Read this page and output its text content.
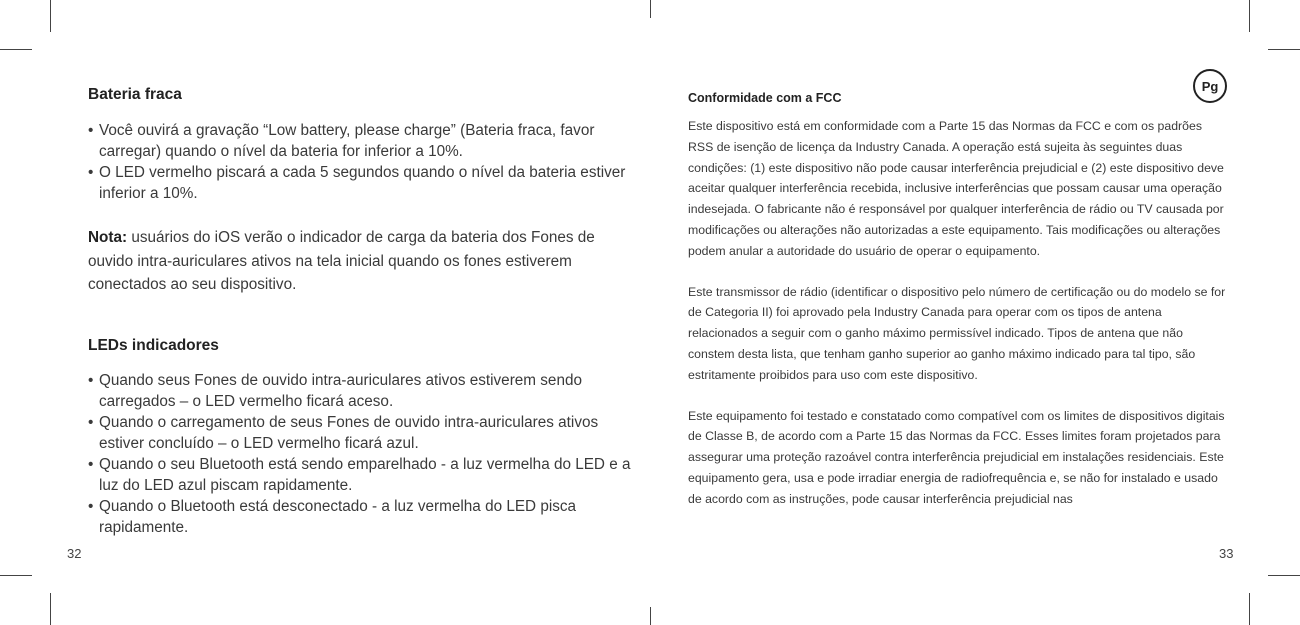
Bateria fraca
• Você ouvirá a gravação “Low battery, please charge” (Bateria fraca, favor carregar) quando o nível da bateria for inferior a 10%.
• O LED vermelho piscará a cada 5 segundos quando o nível da bateria estiver inferior a 10%.

Nota: usuários do iOS verão o indicador de carga da bateria dos Fones de ouvido intra-auriculares ativos na tela inicial quando os fones estiverem conectados ao seu dispositivo.

LEDs indicadores
• Quando seus Fones de ouvido intra-auriculares ativos estiverem sendo carregados – o LED vermelho ficará aceso.
• Quando o carregamento de seus Fones de ouvido intra-auriculares ativos estiver concluído – o LED vermelho ficará azul.
• Quando o seu Bluetooth está sendo emparelhado - a luz vermelha do LED e a luz do LED azul piscam rapidamente.
• Quando o Bluetooth está desconectado - a luz vermelha do LED pisca rapidamente.
32
Pg
Conformidade com a FCC

Este dispositivo está em conformidade com a Parte 15 das Normas da FCC e com os padrões RSS de isenção de licença da Industry Canada. A operação está sujeita às seguintes duas condições: (1) este dispositivo não pode causar interferência prejudicial e (2) este dispositivo deve aceitar qualquer interferência recebida, inclusive interferências que possam causar uma operação indesejada. O fabricante não é responsável por qualquer interferência de rádio ou TV causada por modificações ou alterações não autorizadas a este equipamento. Tais modificações ou alterações podem anular a autoridade do usuário de operar o equipamento.

Este transmissor de rádio (identificar o dispositivo pelo número de certificação ou do modelo se for de Categoria II) foi aprovado pela Industry Canada para operar com os tipos de antena relacionados a seguir com o ganho máximo permissível indicado. Tipos de antena que não constem desta lista, que tenham ganho superior ao ganho máximo indicado para tal tipo, são estritamente proibidos para uso com este dispositivo.

Este equipamento foi testado e constatado como compatível com os limites de dispositivos digitais de Classe B, de acordo com a Parte 15 das Normas da FCC. Esses limites foram projetados para assegurar uma proteção razoável contra interferência prejudicial em instalações residenciais. Este equipamento gera, usa e pode irradiar energia de radiofrequência e, se não for instalado e usado de acordo com as instruções, pode causar interferência prejudicial nas

33
